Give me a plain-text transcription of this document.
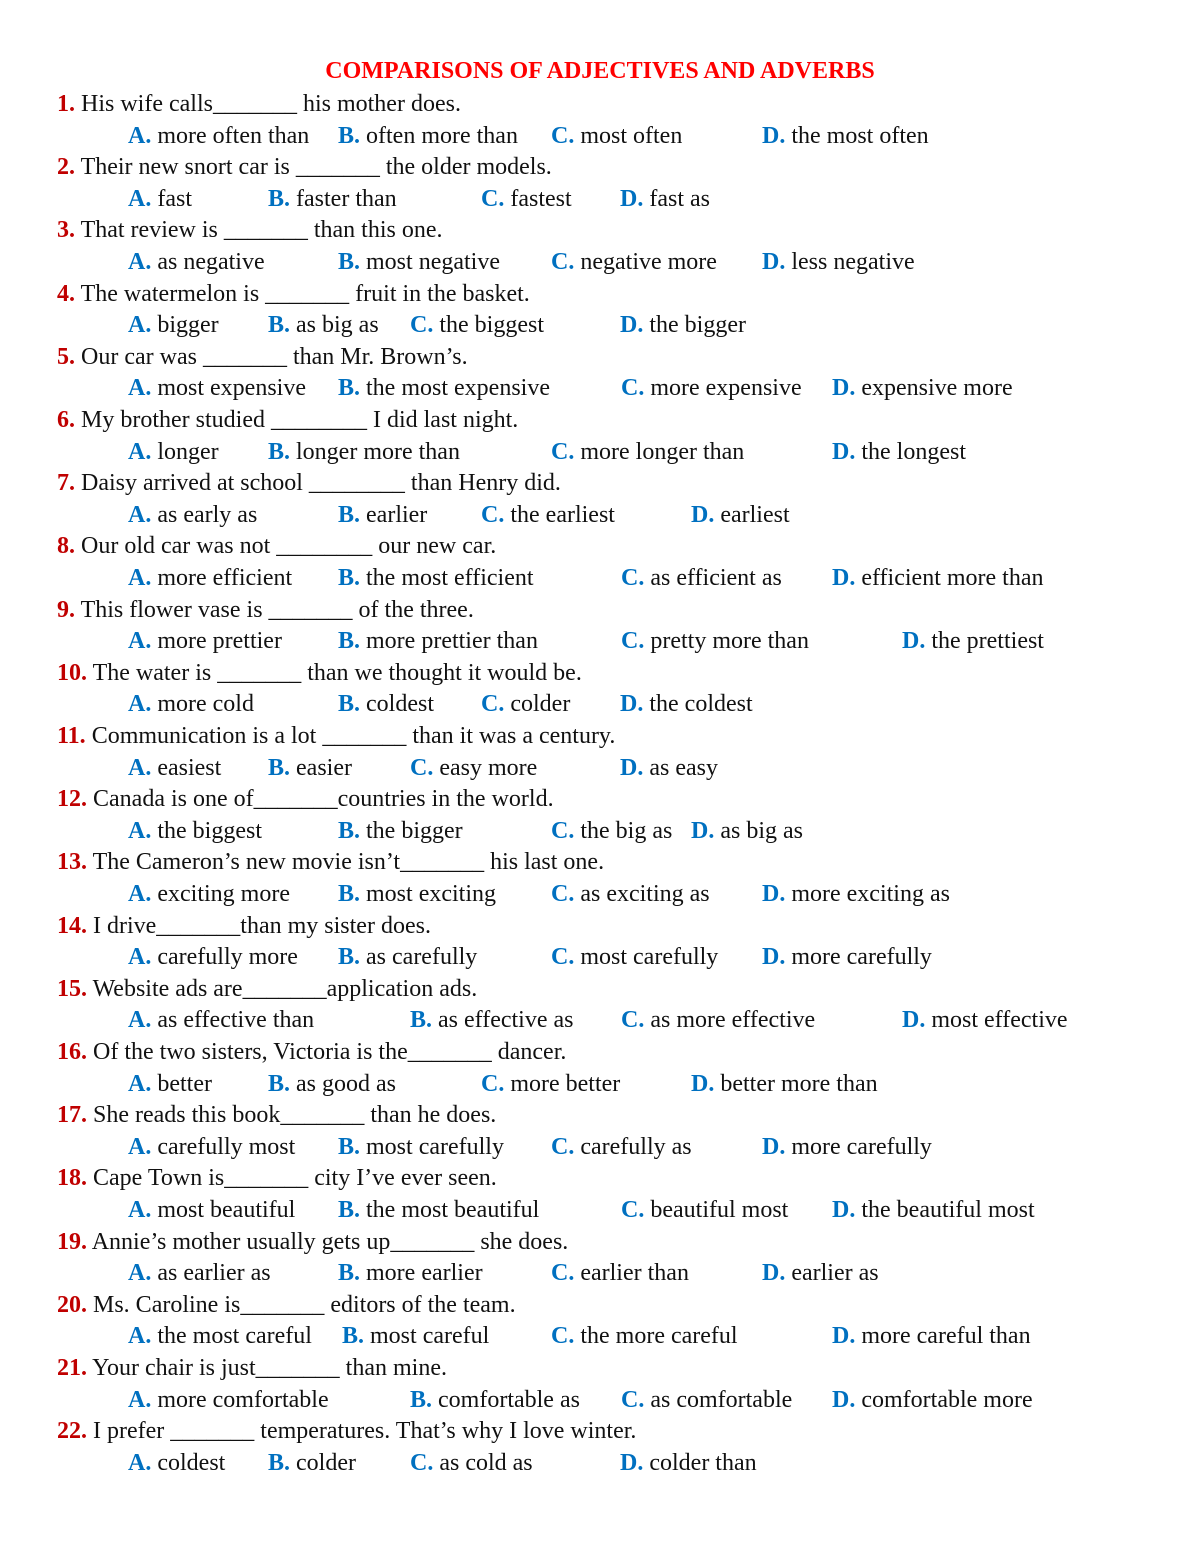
COMPARISONS OF ADJECTIVES AND ADVERBS
1. His wife calls_______ his mother does.
A. more often than B. often more than C. most often	D. the most often
2. Their new snort car is _______ the older models.
A. fast	B. faster than	C. fastest D. fast as
3. That review is _______ than this one.
A. as negative	B. most negative C. negative more D. less negative
4. The watermelon is _______ fruit in the basket.
A. bigger B. as big as C. the biggest	D. the bigger
5. Our car was _______ than Mr. Brown’s.
A. most expensive B. the most expensive	C. more expensive D. expensive more
6. My brother studied ________ I did last night.
A. longer B. longer more than	C. more longer than	D. the longest
7. Daisy arrived at school ________ than Henry did.
A. as early as	B. earlier C. the earliest	D. earliest
8. Our old car was not ________ our new car.
A. more efficient B. the most efficient	C. as efficient as D. efficient more than
9. This flower vase is _______ of the three.
A. more prettier B. more prettier than	C. pretty more than	D. the prettiest
10. The water is _______ than we thought it would be.
A. more cold	B. coldest C. colder D. the coldest
11. Communication is a lot _______ than it was a century.
A. easiest B. easier C. easy more	D. as easy
12. Canada is one of_______countries in the world.
A. the biggest	B. the bigger	C. the big as D. as big as
13. The Cameron’s new movie isn’t_______ his last one.
A. exciting more B. most exciting C. as exciting as D. more exciting as
14. I drive_______than my sister does.
A. carefully more B. as carefully	C. most carefully D. more carefully
15. Website ads are_______application ads.
A. as effective than	B. as effective as C. as more effective	D. most effective
16. Of the two sisters, Victoria is the_______ dancer.
A. better B. as good as	C. more better	D. better more than
17. She reads this book_______ than he does.
A. carefully most B. most carefully C. carefully as	D. more carefully
18. Cape Town is_______ city I’ve ever seen.
A. most beautiful B. the most beautiful	C. beautiful most D. the beautiful most
19. Annie’s mother usually gets up_______ she does.
A. as earlier as	B. more earlier	C. earlier than	D. earlier as
20. Ms. Caroline is_______ editors of the team.
A. the most careful B. most careful	C. the more careful	D. more careful than
21. Your chair is just_______ than mine.
A. more comfortable	B. comfortable as C. as comfortable D. comfortable more
22. I prefer _______ temperatures. That’s why I love winter.
A. coldest B. colder C. as cold as	D. colder than
